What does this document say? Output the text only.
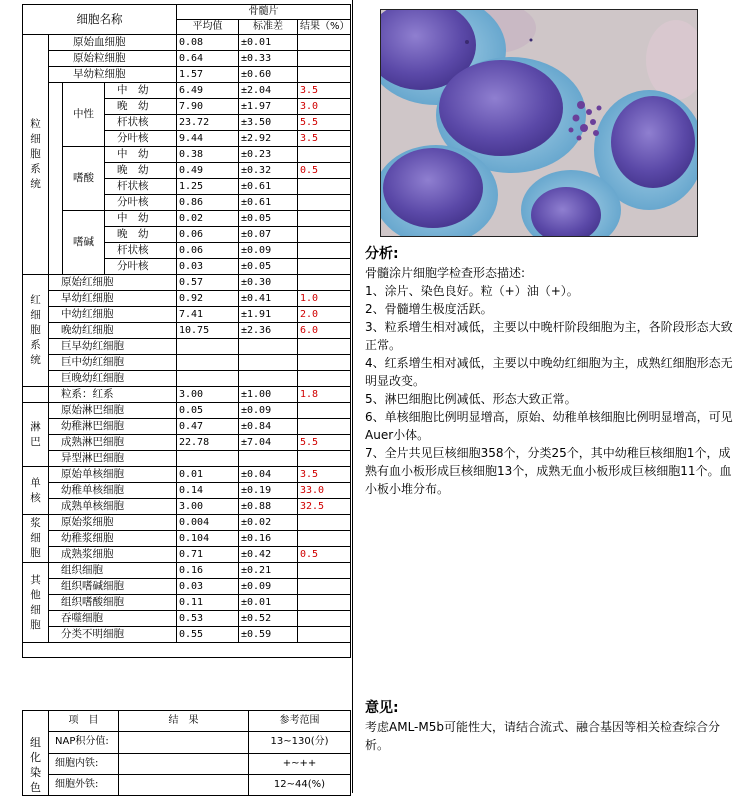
细胞名称				骨髓片		
				平均值	标准差	结果（%）
粒细胞系统	原始血细胞			0.08	±0.01	
	原始粒细胞			0.64	±0.33	
	早幼粒细胞			1.57	±0.60	
		中性	中　幼	6.49	±2.04	3.5
			晚　幼	7.90	±1.97	3.0
			杆状核	23.72	±3.50	5.5
			分叶核	9.44	±2.92	3.5
		嗜酸	中　幼	0.38	±0.23	
			晚　幼	0.49	±0.32	0.5
			杆状核	1.25	±0.61	
			分叶核	0.86	±0.61	
		嗜碱	中　幼	0.02	±0.05	
			晚　幼	0.06	±0.07	
			杆状核	0.06	±0.09	
			分叶核	0.03	±0.05	
红细胞系统	原始红细胞			0.57	±0.30	
	早幼红细胞			0.92	±0.41	1.0
	中幼红细胞			7.41	±1.91	2.0
	晚幼红细胞			10.75	±2.36	6.0
	巨早幼红细胞					
	巨中幼红细胞					
	巨晚幼红细胞					
	粒系：红系			3.00	±1.00	1.8
淋巴	原始淋巴细胞			0.05	±0.09	
	幼稚淋巴细胞			0.47	±0.84	
	成熟淋巴细胞			22.78	±7.04	5.5
	异型淋巴细胞					
单核	原始单核细胞			0.01	±0.04	3.5
	幼稚单核细胞			0.14	±0.19	33.0
	成熟单核细胞			3.00	±0.88	32.5
浆细胞	原始浆细胞			0.004	±0.02	
	幼稚浆细胞			0.104	±0.16	
	成熟浆细胞			0.71	±0.42	0.5
其他细胞	组织细胞			0.16	±0.21	
	组织嗜碱细胞			0.03	±0.09	
	组织嗜酸细胞			0.11	±0.01	
	吞噬细胞			0.53	±0.52	
	分类不明细胞			0.55	±0.59	

组化染色	项　目	结　果	参考范围
	NAP积分值:		13~130(分)
	细胞内铁:		+~++
	细胞外铁:		12~44(%)

分析:

骨髓涂片细胞学检查形态描述:

1、涂片、染色良好。粒（+）油（+）。

2、骨髓增生极度活跃。

3、粒系增生相对减低，主要以中晚杆阶段细胞为主，各阶段形态大致正常。

4、红系增生相对减低，主要以中晚幼红细胞为主，成熟红细胞形态无明显改变。

5、淋巴细胞比例减低、形态大致正常。

6、单核细胞比例明显增高，原始、幼稚单核细胞比例明显增高，可见Auer小体。

7、全片共见巨核细胞358个，分类25个，其中幼稚巨核细胞1个，成熟有血小板形成巨核细胞13个，成熟无血小板形成巨核细胞11个。血小板小堆分布。

意见:

考虑AML-M5b可能性大，请结合流式、融合基因等相关检查综合分析。
